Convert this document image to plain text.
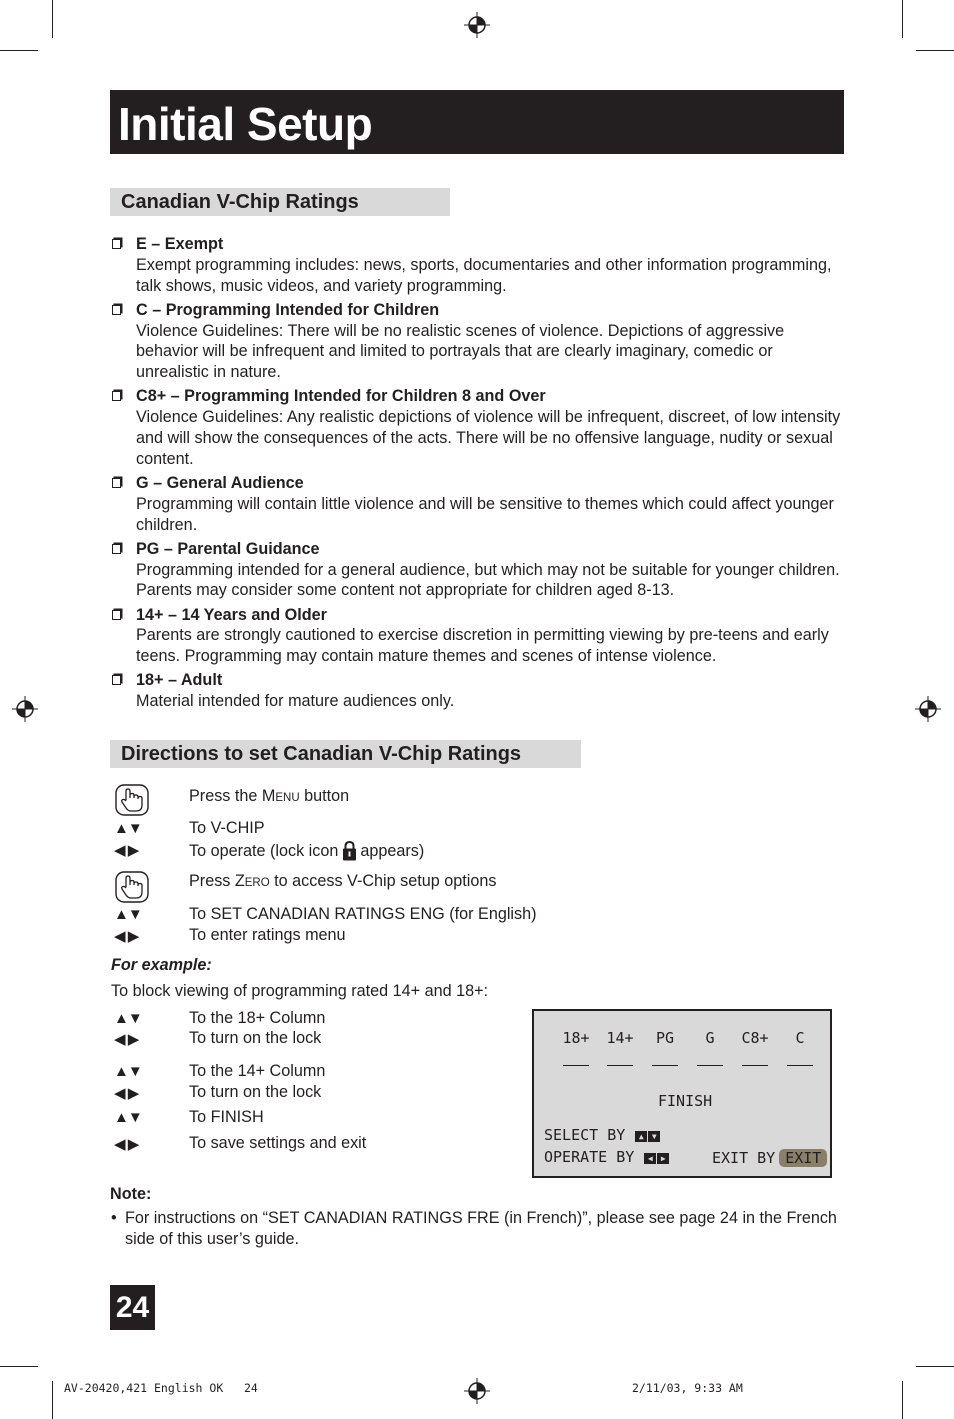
Initial Setup
Canadian V-Chip Ratings
E – Exempt
Exempt programming includes: news, sports, documentaries and other information programming, talk shows, music videos, and variety programming.
C – Programming Intended for Children
Violence Guidelines: There will be no realistic scenes of violence. Depictions of aggressive behavior will be infrequent and limited to portrayals that are clearly imaginary, comedic or unrealistic in nature.
C8+ – Programming Intended for Children 8 and Over
Violence Guidelines: Any realistic depictions of violence will be infrequent, discreet, of low intensity and will show the consequences of the acts. There will be no offensive language, nudity or sexual content.
G – General Audience
Programming will contain little violence and will be sensitive to themes which could affect younger children.
PG – Parental Guidance
Programming intended for a general audience, but which may not be suitable for younger children. Parents may consider some content not appropriate for children aged 8-13.
14+ – 14 Years and Older
Parents are strongly cautioned to exercise discretion in permitting viewing by pre-teens and early teens. Programming may contain mature themes and scenes of intense violence.
18+ – Adult
Material intended for mature audiences only.
Directions to set Canadian V-Chip Ratings
Press the MENU button
▲▼	To V-CHIP
◀ ▶	To operate (lock icon appears)
Press ZERO to access V-Chip setup options
▲▼	To SET CANADIAN RATINGS ENG (for English)
◀ ▶	To enter ratings menu
▲▼	To the 18+ Column
◀ ▶	To turn on the lock
▲▼	To the 14+ Column
◀ ▶	To turn on the lock
▲▼	To FINISH
◀ ▶	To save settings and exit
For example:
To block viewing of programming rated 14+ and 18+:
18+ 14+	PG	G	C8+	C
FINISH
SELECT BY ▲ ▼
OPERATE BY ◀ ▶	EXIT BY EXIT
Note:
• For instructions on “SET CANADIAN RATINGS FRE (in French)”, please see page 24 in the French side of this user’s guide.
24
AV-20420,421 English OK   24	2/11/03, 9:33 AM
